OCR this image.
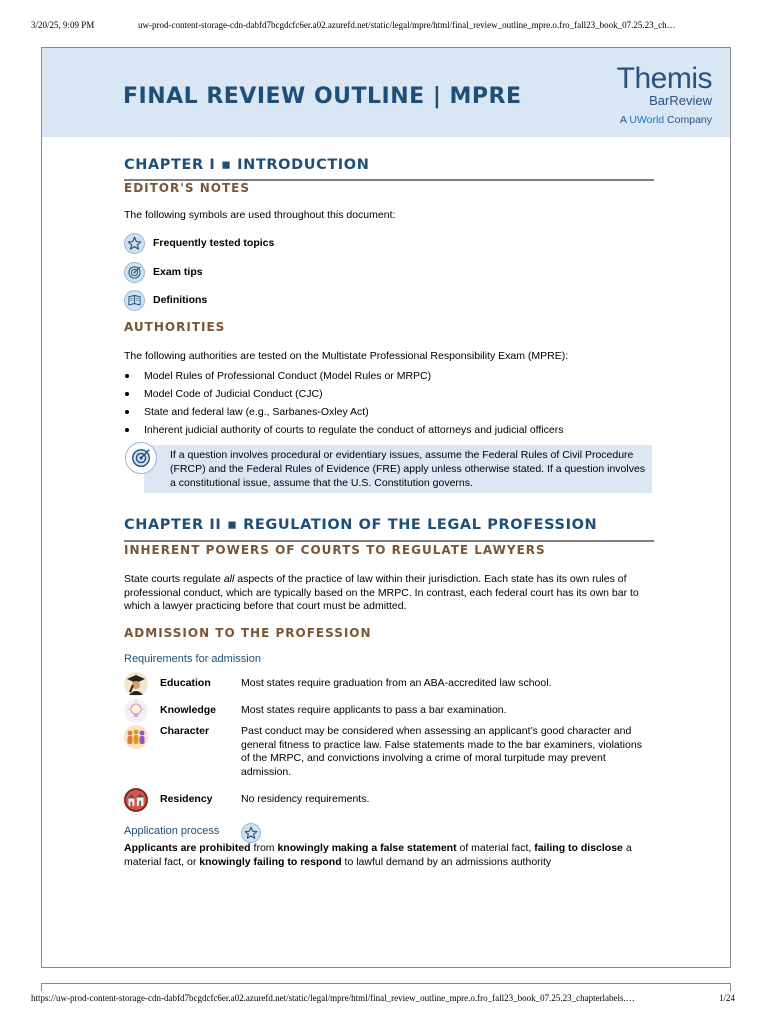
3/20/25, 9:09 PM	uw-prod-content-storage-cdn-dabfd7bcgdcfc6er.a02.azurefd.net/static/legal/mpre/html/final_review_outline_mpre.o.fro_fall23_book_07.25.23_ch…
FINAL REVIEW OUTLINE | MPRE
Themis
BarReview
A UWorld Company
CHAPTER I ▪ INTRODUCTION
EDITOR'S NOTES
The following symbols are used throughout this document:
Frequently tested topics
Exam tips
Definitions
AUTHORITIES
The following authorities are tested on the Multistate Professional Responsibility Exam (MPRE):
Model Rules of Professional Conduct (Model Rules or MRPC)
Model Code of Judicial Conduct (CJC)
State and federal law (e.g., Sarbanes-Oxley Act)
Inherent judicial authority of courts to regulate the conduct of attorneys and judicial officers
If a question involves procedural or evidentiary issues, assume the Federal Rules of Civil Procedure (FRCP) and the Federal Rules of Evidence (FRE) apply unless otherwise stated. If a question involves a constitutional issue, assume that the U.S. Constitution governs.
CHAPTER II ▪ REGULATION OF THE LEGAL PROFESSION
INHERENT POWERS OF COURTS TO REGULATE LAWYERS
State courts regulate all aspects of the practice of law within their jurisdiction. Each state has its own rules of professional conduct, which are typically based on the MRPC. In contrast, each federal court has its own bar to which a lawyer practicing before that court must be admitted.
ADMISSION TO THE PROFESSION
Requirements for admission
Education	Most states require graduation from an ABA-accredited law school.
Knowledge Most states require applicants to pass a bar examination.
Character	Past conduct may be considered when assessing an applicant’s good character and general fitness to practice law. False statements made to the bar examiners, violations of the MRPC, and convictions involving a crime of moral turpitude may prevent admission.
Residency	No residency requirements.
Application process
Applicants are prohibited from knowingly making a false statement of material fact, failing to disclose a material fact, or knowingly failing to respond to lawful demand by an admissions authority
https://uw-prod-content-storage-cdn-dabfd7bcgdcfc6er.a02.azurefd.net/static/legal/mpre/html/final_review_outline_mpre.o.fro_fall23_book_07.25.23_chapterlabels.…	1/24
